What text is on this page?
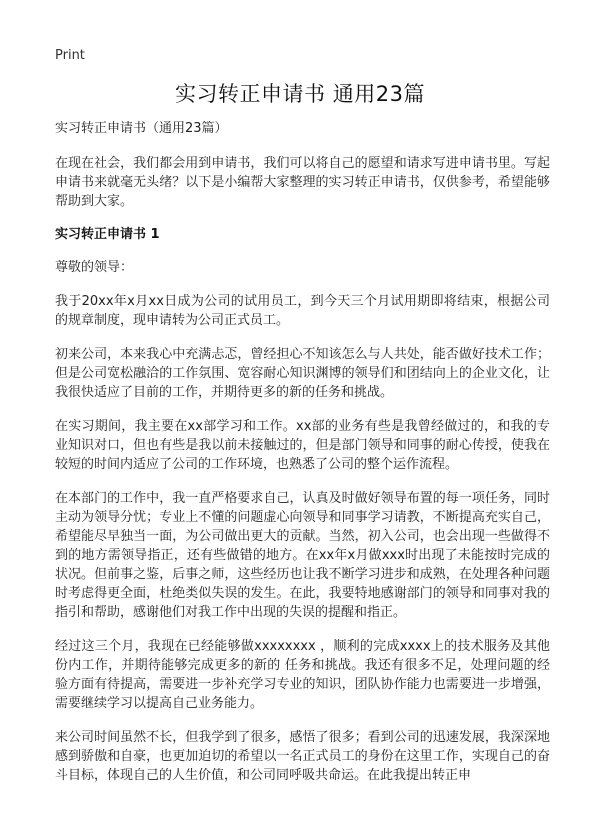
Print
实习转正申请书 通用23篇

实习转正申请书（通用23篇）

在现在社会，我们都会用到申请书，我们可以将自己的愿望和请求写进申请书里。写起申请书来就毫无头绪？以下是小编帮大家整理的实习转正申请书，仅供参考，希望能够帮助到大家。

实习转正申请书 1

尊敬的领导：

我于20xx年x月xx日成为公司的试用员工，到今天三个月试用期即将结束，根据公司的规章制度，现申请转为公司正式员工。

初来公司，本来我心中充满忐忑，曾经担心不知该怎么与人共处，能否做好技术工作；但是公司宽松融洽的工作氛围、宽容耐心知识渊博的领导们和团结向上的企业文化，让我很快适应了目前的工作，并期待更多的新的任务和挑战。

在实习期间，我主要在xx部学习和工作。xx部的业务有些是我曾经做过的，和我的专业知识对口，但也有些是我以前未接触过的，但是部门领导和同事的耐心传授，使我在较短的时间内适应了公司的工作环境，也熟悉了公司的整个运作流程。

在本部门的工作中，我一直严格要求自己，认真及时做好领导布置的每一项任务，同时主动为领导分忧；专业上不懂的问题虚心向领导和同事学习请教，不断提高充实自己，希望能尽早独当一面，为公司做出更大的贡献。当然，初入公司，也会出现一些做得不到的地方需领导指正，还有些做错的地方。在xx年x月做xxx时出现了未能按时完成的状况。但前事之鉴，后事之师，这些经历也让我不断学习进步和成熟，在处理各种问题时考虑得更全面，杜绝类似失误的发生。在此，我要特地感谢部门的领导和同事对我的指引和帮助，感谢他们对我工作中出现的失误的提醒和指正。

经过这三个月，我现在已经能够做xxxxxxxx ，顺利的完成xxxx上的技术服务及其他份内工作，并期待能够完成更多的新的 任务和挑战。我还有很多不足，处理问题的经验方面有待提高，需要进一步补充学习专业的知识，团队协作能力也需要进一步增强，需要继续学习以提高自己业务能力。

来公司时间虽然不长，但我学到了很多，感悟了很多；看到公司的迅速发展，我深深地感到骄傲和自豪，也更加迫切的希望以一名正式员工的身份在这里工作，实现自己的奋斗目标，体现自己的人生价值，和公司同呼吸共命运。在此我提出转正申
